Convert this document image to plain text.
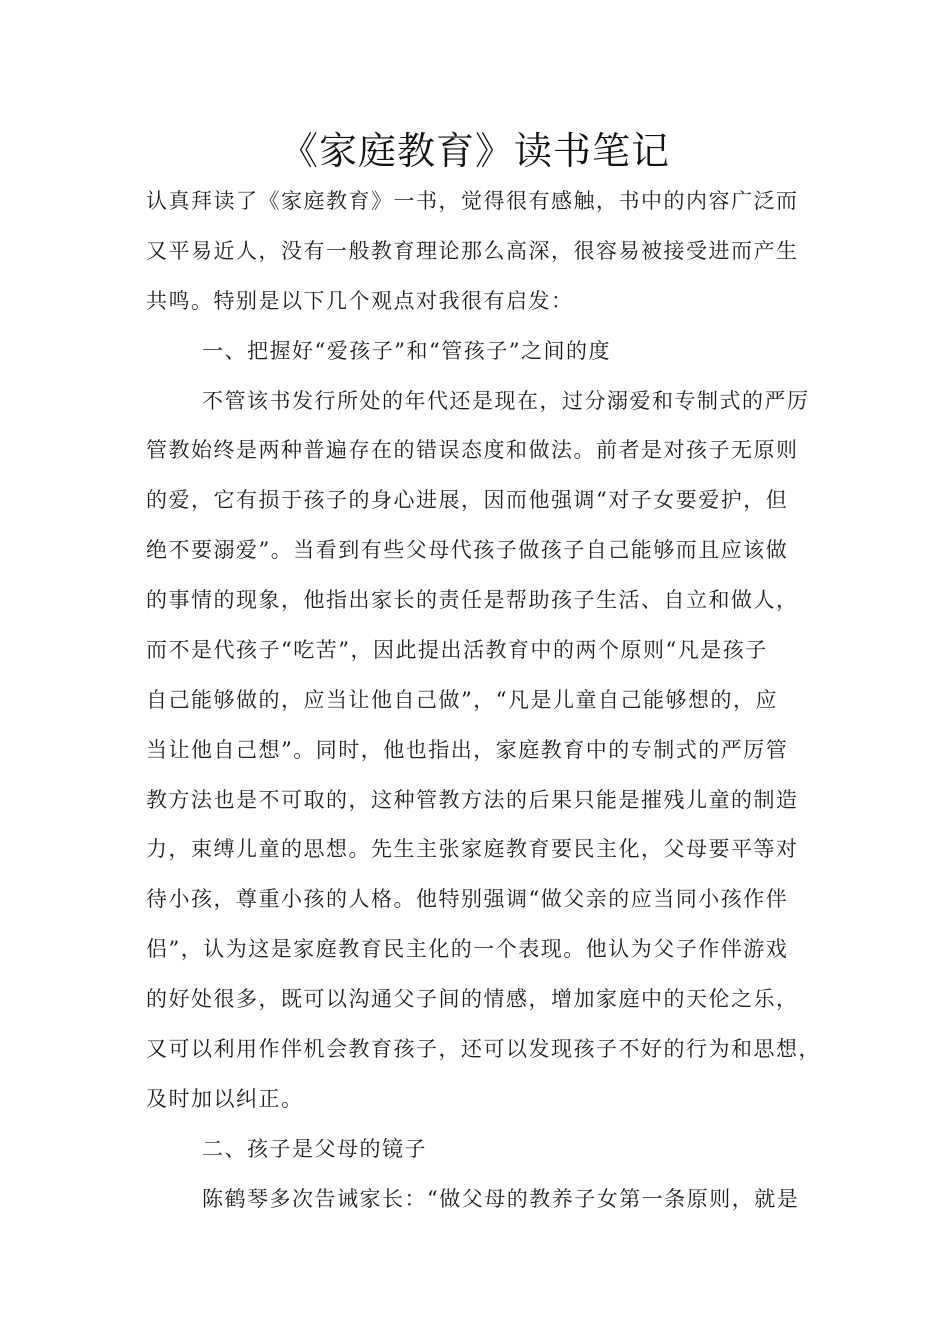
《家庭教育》读书笔记
认真拜读了《家庭教育》一书，觉得很有感触，书中的内容广泛而
又平易近人，没有一般教育理论那么高深，很容易被接受进而产生
共鸣。特别是以下几个观点对我很有启发：
一、把握好“爱孩子”和“管孩子”之间的度
不管该书发行所处的年代还是现在，过分溺爱和专制式的严厉
管教始终是两种普遍存在的错误态度和做法。前者是对孩子无原则
的爱，它有损于孩子的身心进展，因而他强调“对子女要爱护，但
绝不要溺爱”。当看到有些父母代孩子做孩子自己能够而且应该做
的事情的现象，他指出家长的责任是帮助孩子生活、自立和做人，
而不是代孩子“吃苦”，因此提出活教育中的两个原则“凡是孩子
自己能够做的，应当让他自己做”，“凡是儿童自己能够想的，应
当让他自己想”。同时，他也指出，家庭教育中的专制式的严厉管
教方法也是不可取的，这种管教方法的后果只能是摧残儿童的制造
力，束缚儿童的思想。先生主张家庭教育要民主化，父母要平等对
待小孩，尊重小孩的人格。他特别强调“做父亲的应当同小孩作伴
侣”，认为这是家庭教育民主化的一个表现。他认为父子作伴游戏
的好处很多，既可以沟通父子间的情感，增加家庭中的天伦之乐，
又可以利用作伴机会教育孩子，还可以发现孩子不好的行为和思想，
及时加以纠正。
二、孩子是父母的镜子
陈鹤琴多次告诫家长：“做父母的教养子女第一条原则，就是
